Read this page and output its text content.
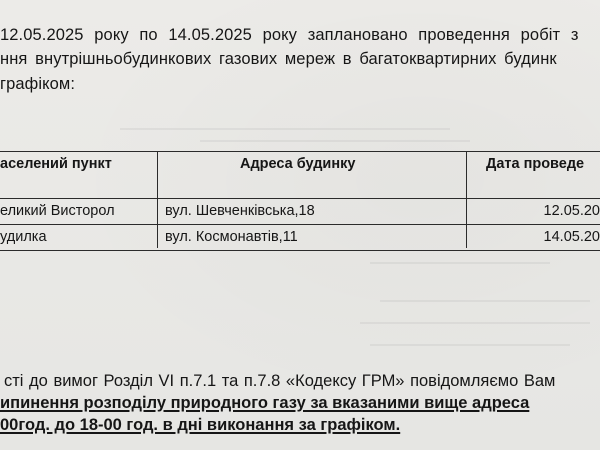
12.05.2025 року по 14.05.2025 року заплановано проведення робіт з
ння внутрішньобудинкових газових мереж в багатоквартирних будинк
графіком:
аселений пункт	Адреса будинку	Дата проведе
еликий Висторол	вул. Шевченківська,18	12.05.20
удилка	вул. Космонавтів,11	14.05.20
сті до вимог Розділ VI п.7.1 та п.7.8 «Кодексу ГРМ» повідомляємо Вам
ипинення розподілу природного газу за вказаними вище адреса
00год. до 18-00 год. в дні виконання за графіком.
